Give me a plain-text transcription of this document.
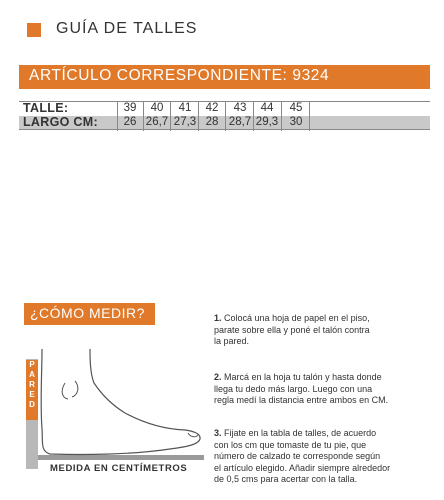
GUÍA DE TALLES
ARTÍCULO CORRESPONDIENTE: 9324
TALLE:	39	40	41	42	43	44	45
LARGO CM:	26 26,7 27,3 28 28,7 29,3 30
¿CÓMO MEDIR?
P
A
R
E
D
MEDIDA EN CENTÍMETROS
1. Colocá una hoja de papel en el piso,
parate sobre ella y poné el talón contra
la pared.
2. Marcá en la hoja tu talón y hasta donde
llega tu dedo más largo. Luego con una
regla medí la distancia entre ambos en CM.
3. Fijate en la tabla de talles, de acuerdo
con los cm que tomaste de tu pie, que
número de calzado te corresponde según
el artículo elegido. Añadir siempre alrededor
de 0,5 cms para acertar con la talla.
